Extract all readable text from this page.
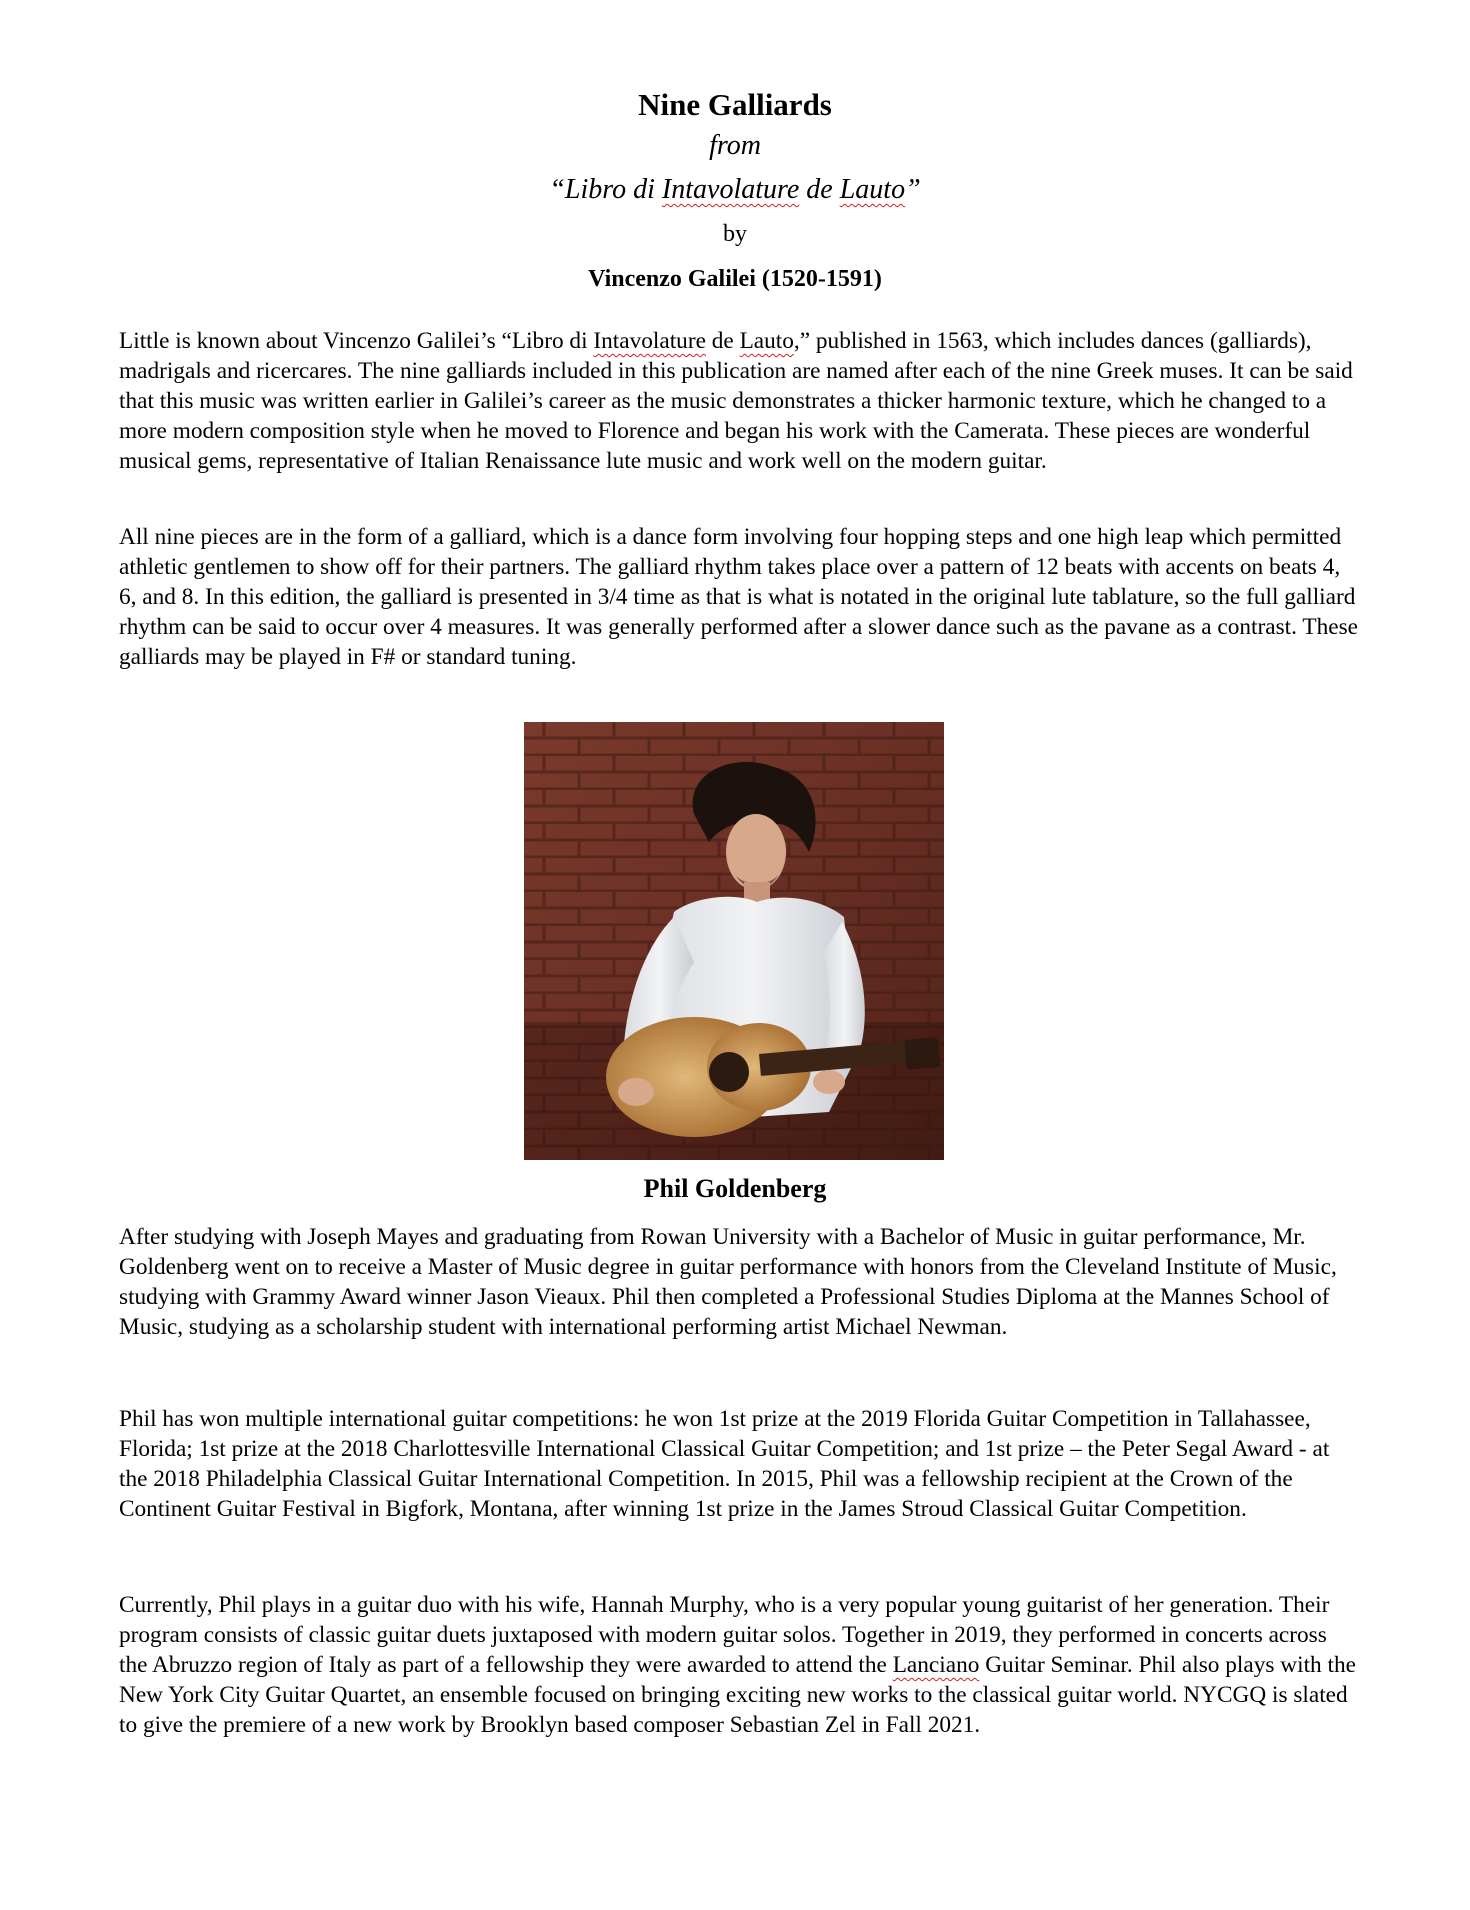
Nine Galliards
from
“Libro di Intavolature de Lauto”
by
Vincenzo Galilei (1520-1591)

Little is known about Vincenzo Galilei’s “Libro di Intavolature de Lauto,” published in 1563, which includes dances (galliards), madrigals and ricercares. The nine galliards included in this publication are named after each of the nine Greek muses. It can be said that this music was written earlier in Galilei’s career as the music demonstrates a thicker harmonic texture, which he changed to a more modern composition style when he moved to Florence and began his work with the Camerata. These pieces are wonderful musical gems, representative of Italian Renaissance lute music and work well on the modern guitar.

All nine pieces are in the form of a galliard, which is a dance form involving four hopping steps and one high leap which permitted athletic gentlemen to show off for their partners. The galliard rhythm takes place over a pattern of 12 beats with accents on beats 4, 6, and 8. In this edition, the galliard is presented in 3/4 time as that is what is notated in the original lute tablature, so the full galliard rhythm can be said to occur over 4 measures. It was generally performed after a slower dance such as the pavane as a contrast. These galliards may be played in F# or standard tuning.

Phil Goldenberg

After studying with Joseph Mayes and graduating from Rowan University with a Bachelor of Music in guitar performance, Mr. Goldenberg went on to receive a Master of Music degree in guitar performance with honors from the Cleveland Institute of Music, studying with Grammy Award winner Jason Vieaux. Phil then completed a Professional Studies Diploma at the Mannes School of Music, studying as a scholarship student with international performing artist Michael Newman.

Phil has won multiple international guitar competitions: he won 1st prize at the 2019 Florida Guitar Competition in Tallahassee, Florida; 1st prize at the 2018 Charlottesville International Classical Guitar Competition; and 1st prize – the Peter Segal Award - at the 2018 Philadelphia Classical Guitar International Competition. In 2015, Phil was a fellowship recipient at the Crown of the Continent Guitar Festival in Bigfork, Montana, after winning 1st prize in the James Stroud Classical Guitar Competition.

Currently, Phil plays in a guitar duo with his wife, Hannah Murphy, who is a very popular young guitarist of her generation. Their program consists of classic guitar duets juxtaposed with modern guitar solos. Together in 2019, they performed in concerts across the Abruzzo region of Italy as part of a fellowship they were awarded to attend the Lanciano Guitar Seminar. Phil also plays with the New York City Guitar Quartet, an ensemble focused on bringing exciting new works to the classical guitar world. NYCGQ is slated to give the premiere of a new work by Brooklyn based composer Sebastian Zel in Fall 2021.
